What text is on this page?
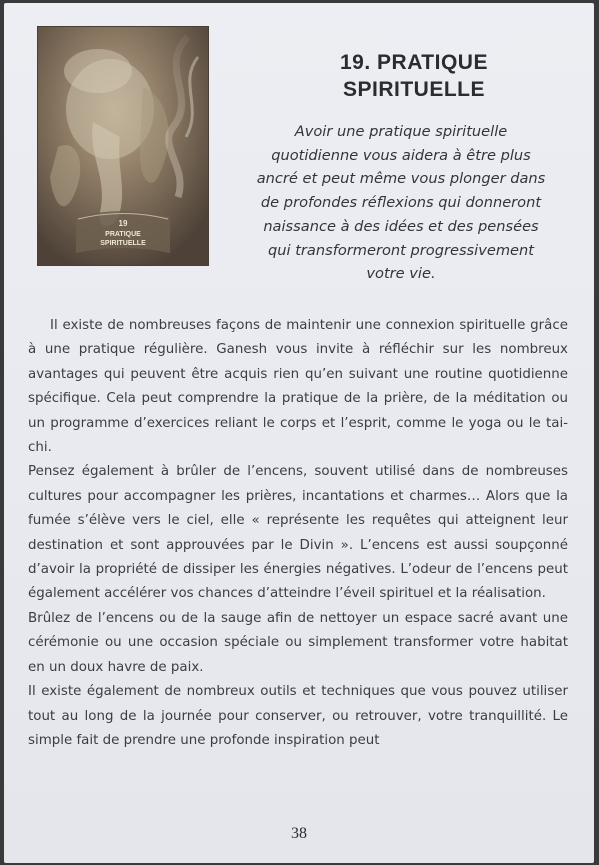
19
PRATIQUE
SPIRITUELLE
19. PRATIQUE
SPIRITUELLE
Avoir une pratique spirituelle
quotidienne vous aidera à être plus
ancré et peut même vous plonger dans
de profondes réflexions qui donneront
naissance à des idées et des pensées
qui transformeront progressivement
votre vie.

Il existe de nombreuses façons de maintenir une connexion spirituelle grâce à une pratique régulière. Ganesh vous invite à réfléchir sur les nombreux avantages qui peuvent être acquis rien qu’en suivant une routine quotidienne spécifique. Cela peut comprendre la pratique de la prière, de la méditation ou un programme d’exercices reliant le corps et l’esprit, comme le yoga ou le tai-chi.

Pensez également à brûler de l’encens, souvent utilisé dans de nombreuses cultures pour accompagner les prières, incantations et charmes… Alors que la fumée s’élève vers le ciel, elle « représente les requêtes qui atteignent leur destination et sont approuvées par le Divin ». L’encens est aussi soupçonné d’avoir la propriété de dissiper les énergies négatives. L’odeur de l’encens peut également accélérer vos chances d’atteindre l’éveil spirituel et la réalisation.

Brûlez de l’encens ou de la sauge afin de nettoyer un espace sacré avant une cérémonie ou une occasion spéciale ou simplement transformer votre habitat en un doux havre de paix.

Il existe également de nombreux outils et techniques que vous pouvez utiliser tout au long de la journée pour conserver, ou retrouver, votre tranquillité. Le simple fait de prendre une profonde inspiration peut

38
